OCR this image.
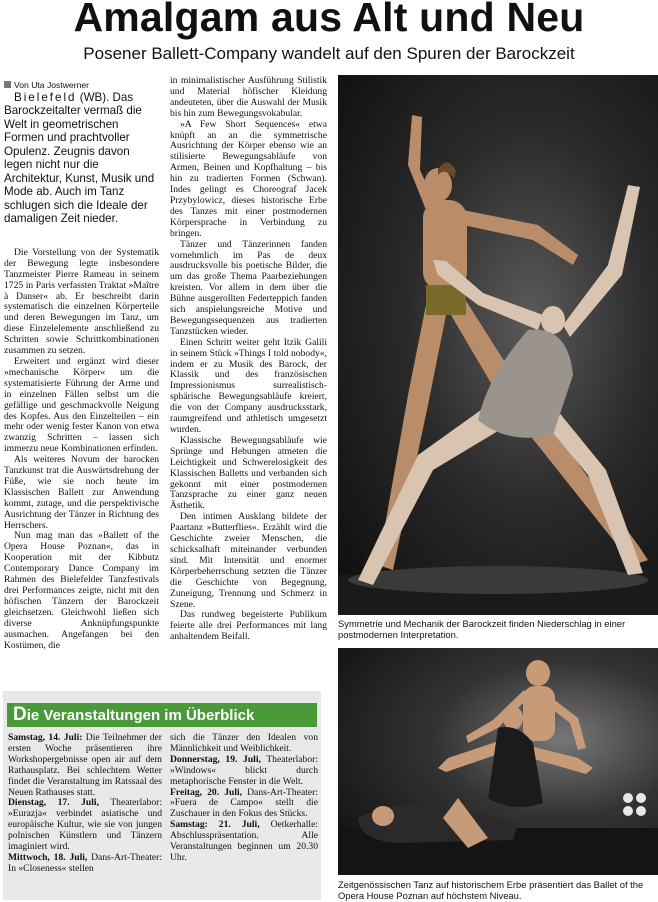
Amalgam aus Alt und Neu
Posener Ballett-Company wandelt auf den Spuren der Barockzeit

Von Uta Jostwerner

Bielefeld (WB). Das Barockzeitalter vermaß die Welt in geometrischen Formen und prachtvoller Opulenz. Zeugnis davon legen nicht nur die Architektur, Kunst, Musik und Mode ab. Auch im Tanz schlugen sich die Ideale der damaligen Zeit nieder.

Die Vorstellung von der Systematik der Bewegung legte insbesondere Tanzmeister Pierre Rameau in seinem 1725 in Paris verfassten Traktat »Maître à Danser« ab. Er beschreibt darin systematisch die einzelnen Körperteile und deren Bewegungen im Tanz, um diese Einzelelemente anschließend zu Schritten sowie Schrittkombinationen zusammen zu setzen.

Erweitert und ergänzt wird dieser »mechanische Körper« um die systematisierte Führung der Arme und in einzelnen Fällen selbst um die gefällige und geschmackvolle Neigung des Kopfes. Aus den Einzelteilen – ein mehr oder wenig fester Kanon von etwa zwanzig Schritten – lassen sich immerzu neue Kombinationen erfinden.

Als weiteres Novum der barocken Tanzkunst trat die Auswärtsdrehung der Füße, wie sie noch heute im Klassischen Ballett zur Anwendung kommt, zutage, und die perspektivische Ausrichtung der Tänzer in Richtung des Herrschers.

Nun mag man das »Ballett of the Opera House Poznan«, das in Kooperation mit der Kibbutz Contemporary Dance Company im Rahmen des Bielefelder Tanzfestivals drei Performances zeigte, nicht mit den höfischen Tänzern der Barockzeit gleichsetzen. Gleichwohl ließen sich diverse Anknüpfungspunkte ausmachen. Angefangen bei den Kostümen, die

in minimalistischer Ausführung Stilistik und Material höfischer Kleidung andeuteten, über die Auswahl der Musik bis hin zum Bewegungsvokabular.

»A Few Short Sequences« etwa knüpft an an die symmetrische Ausrichtung der Körper ebenso wie an stilisierte Bewegungsabläufe von Armen, Beinen und Kopfhaltung – bis hin zu tradierten Formen (Schwan). Indes gelingt es Choreograf Jacek Przybylowicz, dieses historische Erbe des Tanzes mit einer postmodernen Körpersprache in Verbindung zu bringen.

Tänzer und Tänzerinnen fanden vornehmlich im Pas de deux ausdrucksvolle bis poetische Bilder, die um das große Thema Paarbeziehungen kreisten. Vor allem in dem über die Bühne ausgerollten Federteppich fanden sich anspielungsreiche Motive und Bewegungssequenzen aus tradierten Tanzstücken wieder.

Einen Schritt weiter geht Itzik Galili in seinem Stück »Things I told nobody«, indem er zu Musik des Barock, der Klassik und des französischen Impressionismus surrealistisch-sphärische Bewegungsabläufe kreiert, die von der Company ausdrucksstark, raumgreifend und athletisch umgesetzt wurden.

Klassische Bewegungsabläufe wie Sprünge und Hebungen atmeten die Leichtigkeit und Schwerelosigkeit des Klassischen Balletts und verbanden sich gekonnt mit einer postmodernen Tanzsprache zu einer ganz neuen Ästhetik.

Den intimen Ausklang bildete der Paartanz »Butterflies«. Erzählt wird die Geschichte zweier Menschen, die schicksalhaft miteinander verbunden sind. Mit Intensität und enormer Körperbeherrschung setzten die Tänzer die Geschichte von Begegnung, Zuneigung, Trennung und Schmerz in Szene.

Das rundweg begeisterte Publikum feierte alle drei Performances mit lang anhaltendem Beifall.

Symmetrie und Mechanik der Barockzeit finden Niederschlag in einer postmodernen Interpretation.
Zeitgenössischen Tanz auf historischem Erbe präsentiert das Ballet of the Opera House Poznan auf höchstem Niveau.
Die Veranstaltungen im Überblick

Samstag, 14. Juli: Die Teilnehmer der ersten Woche präsentieren ihre Workshopergebnisse open air auf dem Rathausplatz. Bei schlechtem Wetter findet die Veranstaltung im Ratssaal des Neuen Rathauses statt.

Dienstag, 17. Juli, Theaterlabor: »Eurazja« verbindet asiatische und europäische Kultur, wie sie von jungen polnischen Künstlern und Tänzern imaginiert wird.

Mittwoch, 18. Juli, Dans-Art-Theater: In »Closeness« stellen

sich die Tänzer den Idealen von Männlichkeit und Weiblichkeit.

Donnerstag, 19. Juli, Theaterlabor: »Windows« blickt durch metaphorische Fenster in die Welt.

Freitag, 20. Juli, Dans-Art-Theater: »Fuera de Campo« stellt die Zuschauer in den Fokus des Stücks.

Samstag: 21. Juli, Oetkerhalle: Abschlusspräsentation. Alle Veranstaltungen beginnen um 20.30 Uhr.
